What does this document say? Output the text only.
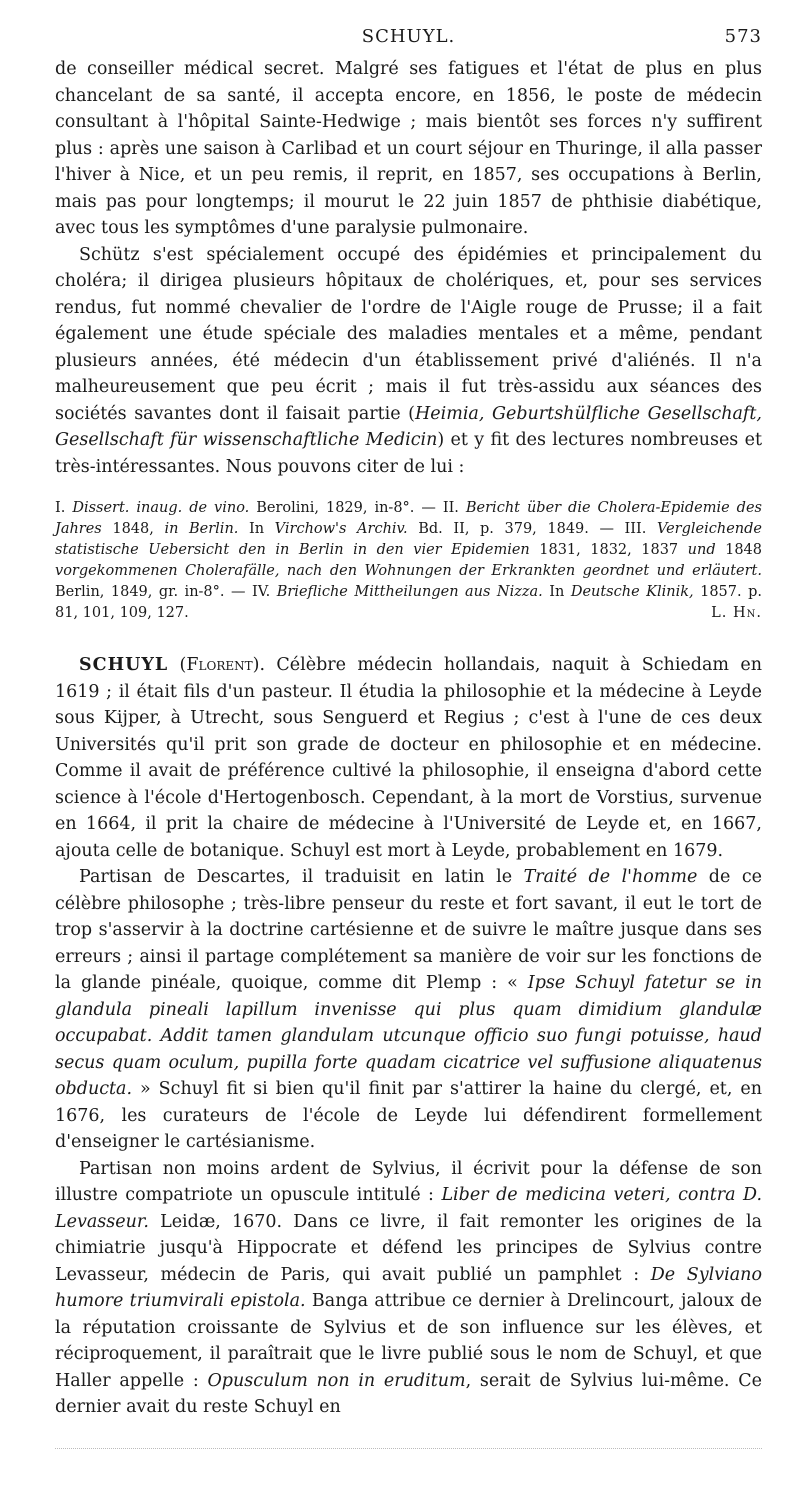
SCHUYL.	573

de conseiller médical secret. Malgré ses fatigues et l'état de plus en plus chancelant de sa santé, il accepta encore, en 1856, le poste de médecin consultant à l'hôpital Sainte-Hedwige ; mais bientôt ses forces n'y suffirent plus : après une saison à Carlibad et un court séjour en Thuringe, il alla passer l'hiver à Nice, et un peu remis, il reprit, en 1857, ses occupations à Berlin, mais pas pour longtemps; il mourut le 22 juin 1857 de phthisie diabétique, avec tous les symptômes d'une paralysie pulmonaire.

Schütz s'est spécialement occupé des épidémies et principalement du choléra; il dirigea plusieurs hôpitaux de cholériques, et, pour ses services rendus, fut nommé chevalier de l'ordre de l'Aigle rouge de Prusse; il a fait également une étude spéciale des maladies mentales et a même, pendant plusieurs années, été médecin d'un établissement privé d'aliénés. Il n'a malheureusement que peu écrit ; mais il fut très-assidu aux séances des sociétés savantes dont il faisait partie (Heimia, Geburtshülfliche Gesellschaft, Gesellschaft für wissenschaftliche Medicin) et y fit des lectures nombreuses et très-intéressantes. Nous pouvons citer de lui :

I. Dissert. inaug. de vino. Berolini, 1829, in-8°. — II. Bericht über die Cholera-Epidemie des Jahres 1848, in Berlin. In Virchow's Archiv. Bd. II, p. 379, 1849. — III. Vergleichende statistische Uebersicht den in Berlin in den vier Epidemien 1831, 1832, 1837 und 1848 vorgekommenen Cholerafälle, nach den Wohnungen der Erkrankten geordnet und erläutert. Berlin, 1849, gr. in-8°. — IV. Briefliche Mittheilungen aus Nizza. In Deutsche Klinik, 1857. p. 81, 101, 109, 127.	L. Hn.

SCHUYL (Florent). Célèbre médecin hollandais, naquit à Schiedam en 1619 ; il était fils d'un pasteur. Il étudia la philosophie et la médecine à Leyde sous Kijper, à Utrecht, sous Senguerd et Regius ; c'est à l'une de ces deux Universités qu'il prit son grade de docteur en philosophie et en médecine. Comme il avait de préférence cultivé la philosophie, il enseigna d'abord cette science à l'école d'Hertogenbosch. Cependant, à la mort de Vorstius, survenue en 1664, il prit la chaire de médecine à l'Université de Leyde et, en 1667, ajouta celle de botanique. Schuyl est mort à Leyde, probablement en 1679.

Partisan de Descartes, il traduisit en latin le Traité de l'homme de ce célèbre philosophe ; très-libre penseur du reste et fort savant, il eut le tort de trop s'asservir à la doctrine cartésienne et de suivre le maître jusque dans ses erreurs ; ainsi il partage complétement sa manière de voir sur les fonctions de la glande pinéale, quoique, comme dit Plemp : « Ipse Schuyl fatetur se in glandula pineali lapillum invenisse qui plus quam dimidium glandulæ occupabat. Addit tamen glandulam utcunque officio suo fungi potuisse, haud secus quam oculum, pupilla forte quadam cicatrice vel suffusione aliquatenus obducta. » Schuyl fit si bien qu'il finit par s'attirer la haine du clergé, et, en 1676, les curateurs de l'école de Leyde lui défendirent formellement d'enseigner le cartésianisme.

Partisan non moins ardent de Sylvius, il écrivit pour la défense de son illustre compatriote un opuscule intitulé : Liber de medicina veteri, contra D. Levasseur. Leidæ, 1670. Dans ce livre, il fait remonter les origines de la chimiatrie jusqu'à Hippocrate et défend les principes de Sylvius contre Levasseur, médecin de Paris, qui avait publié un pamphlet : De Sylviano humore triumvirali epistola. Banga attribue ce dernier à Drelincourt, jaloux de la réputation croissante de Sylvius et de son influence sur les élèves, et réciproquement, il paraîtrait que le livre publié sous le nom de Schuyl, et que Haller appelle : Opusculum non in eruditum, serait de Sylvius lui-même. Ce dernier avait du reste Schuyl en
